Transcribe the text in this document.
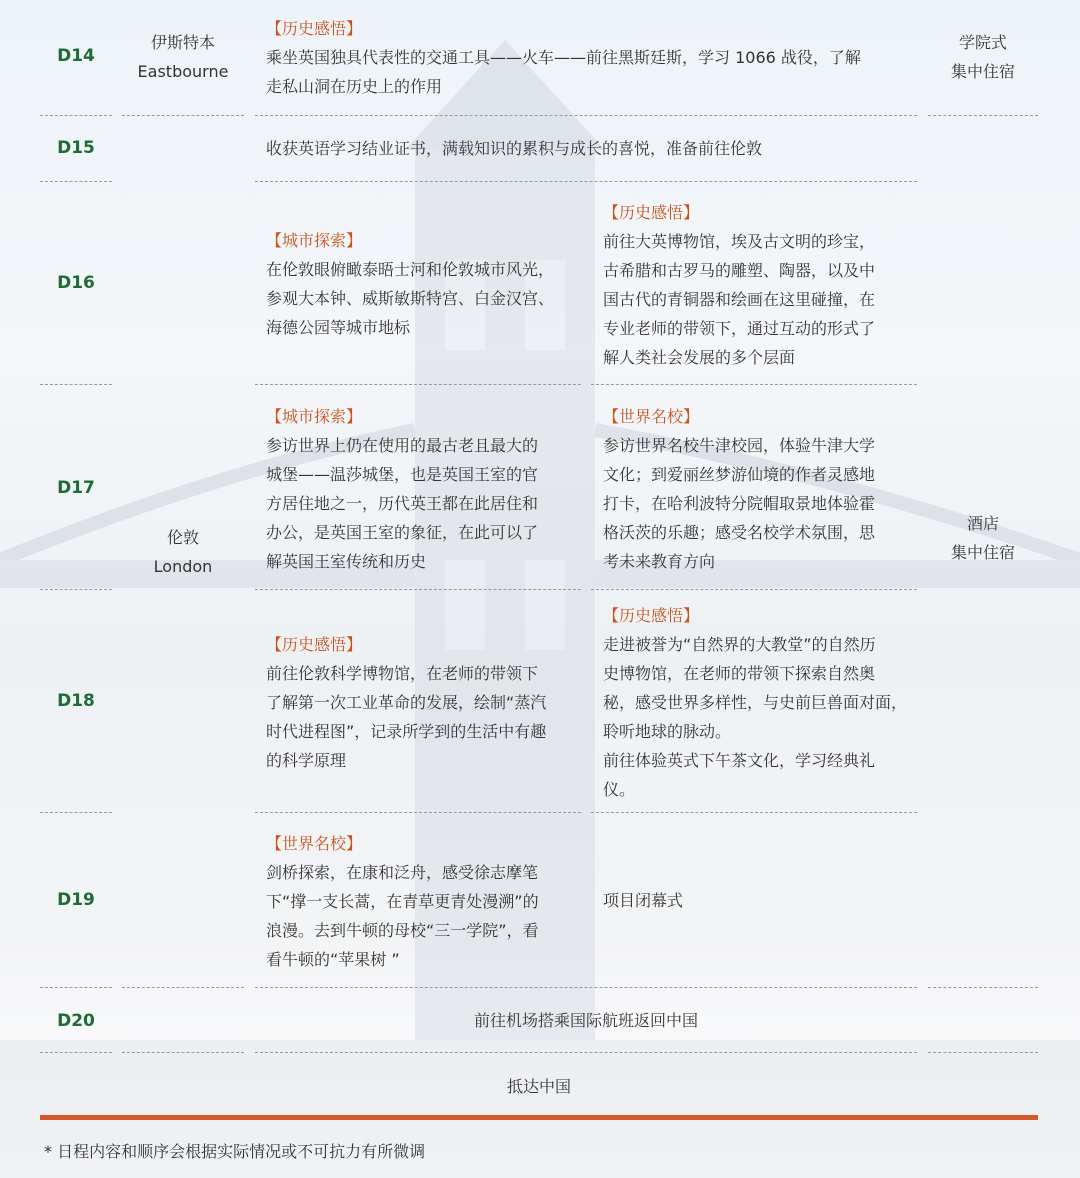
D14
伊斯特本
Eastbourne
【历史感悟】
乘坐英国独具代表性的交通工具——火车——前往黑斯廷斯，学习 1066 战役，了解
走私山洞在历史上的作用
学院式
集中住宿
D15	收获英语学习结业证书，满载知识的累积与成长的喜悦，准备前往伦敦
D16
【城市探索】
在伦敦眼俯瞰泰晤士河和伦敦城市风光，
参观大本钟、威斯敏斯特宫、白金汉宫、
海德公园等城市地标
【历史感悟】
前往大英博物馆，埃及古文明的珍宝，
古希腊和古罗马的雕塑、陶器，以及中
国古代的青铜器和绘画在这里碰撞，在
专业老师的带领下，通过互动的形式了
解人类社会发展的多个层面
D17
【城市探索】
参访世界上仍在使用的最古老且最大的
城堡——温莎城堡，也是英国王室的官
方居住地之一，历代英王都在此居住和
办公，是英国王室的象征，在此可以了
解英国王室传统和历史
【世界名校】
参访世界名校牛津校园，体验牛津大学
文化；到爱丽丝梦游仙境的作者灵感地
打卡，在哈利波特分院帽取景地体验霍
格沃茨的乐趣；感受名校学术氛围，思
考未来教育方向
伦敦
London
酒店
集中住宿
D18
【历史感悟】
前往伦敦科学博物馆，在老师的带领下
了解第一次工业革命的发展，绘制“蒸汽
时代进程图”，记录所学到的生活中有趣
的科学原理
【历史感悟】
走进被誉为“自然界的大教堂”的自然历
史博物馆，在老师的带领下探索自然奥
秘，感受世界多样性，与史前巨兽面对面，
聆听地球的脉动。
前往体验英式下午茶文化，学习经典礼
仪。
D19
【世界名校】
剑桥探索，在康和泛舟，感受徐志摩笔
下“撑一支长蒿，在青草更青处漫溯”的
浪漫。去到牛顿的母校“三一学院”，看
看牛顿的“苹果树 ”
项目闭幕式
D20	前往机场搭乘国际航班返回中国
抵达中国
* 日程内容和顺序会根据实际情况或不可抗力有所微调
